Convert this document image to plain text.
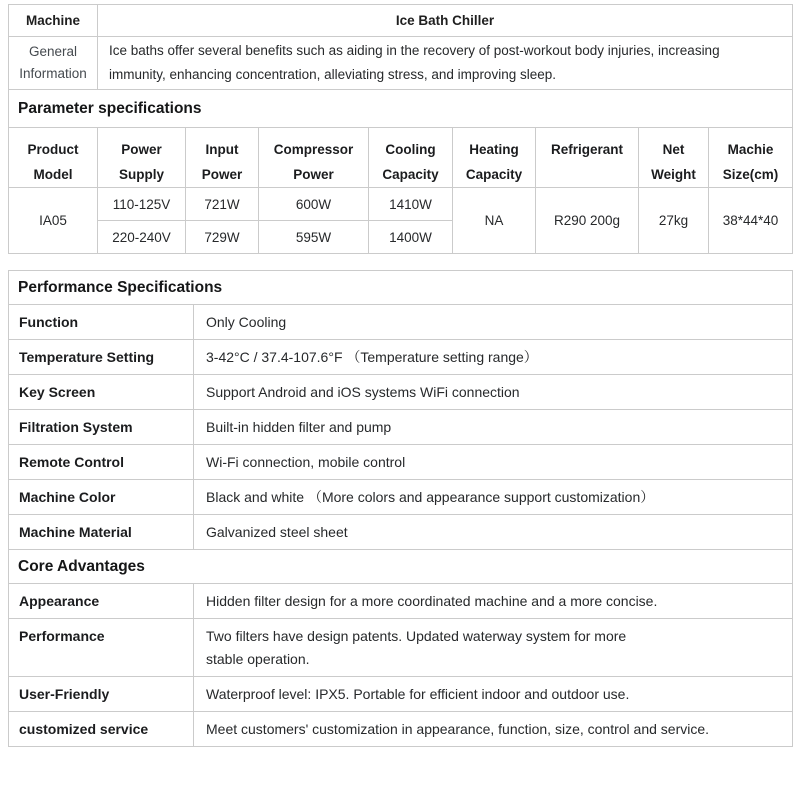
Machine	Ice Bath Chiller							
General Information	Ice baths offer several benefits such as aiding in the recovery of post-workout body injuries, increasing immunity, enhancing concentration, alleviating stress, and improving sleep.							
Parameter specifications								
Product Model	Power Supply	Input Power	Compressor Power	Cooling Capacity	Heating Capacity	Refrigerant	Net Weight	Machie Size(cm)
IA05	110-125V	721W	600W	1410W	NA	R290 200g	27kg	38*44*40
	220-240V	729W	595W	1400W				
Performance Specifications	
Function	Only Cooling
Temperature Setting	3-42°C / 37.4-107.6°F （Temperature setting range）
Key Screen	Support Android and iOS systems WiFi connection
Filtration System	Built-in hidden filter and pump
Remote Control	Wi-Fi connection, mobile control
Machine Color	Black and white （More colors and appearance support customization）
Machine Material	Galvanized steel sheet
Core Advantages	
Appearance	Hidden filter design for a more coordinated machine and a more concise.
Performance	Two filters have design patents. Updated waterway system for more stable operation.
User-Friendly	Waterproof level: IPX5. Portable for efficient indoor and outdoor use.
customized service	Meet customers' customization in appearance, function, size, control and service.
